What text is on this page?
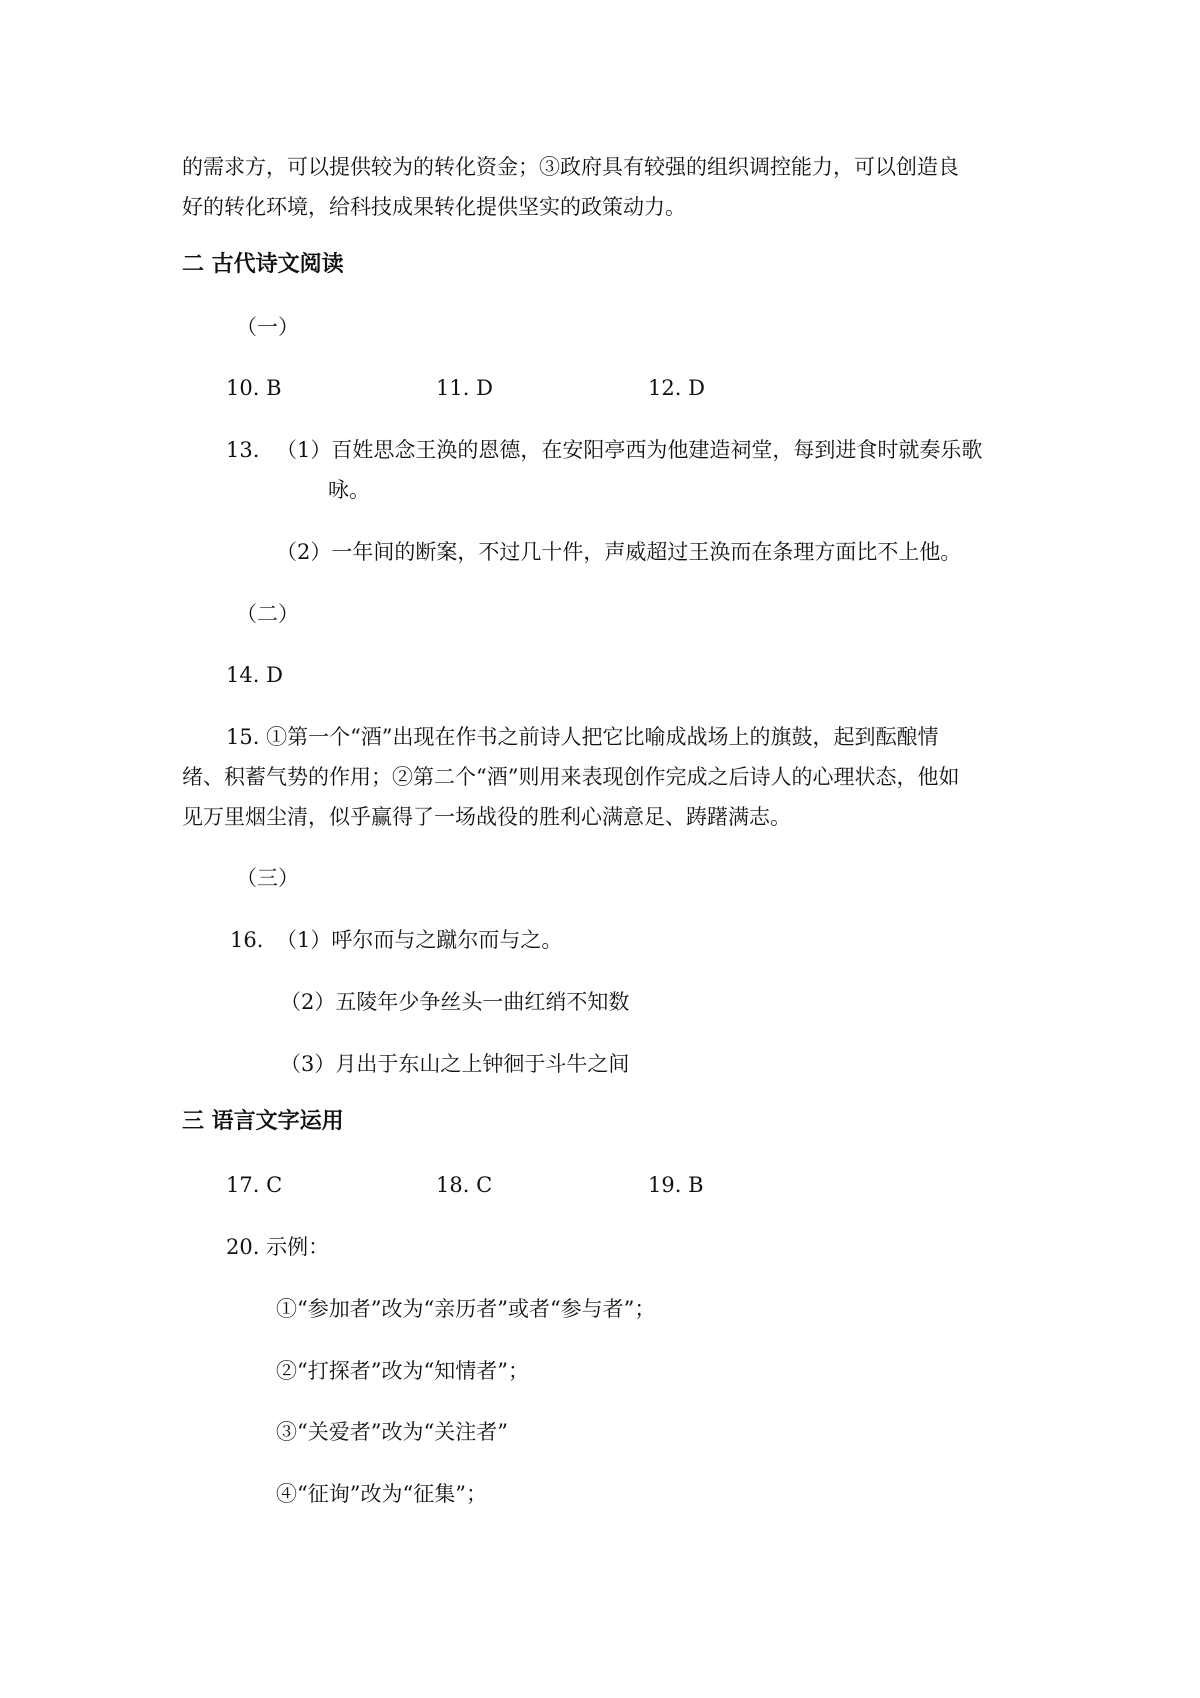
的需求方，可以提供较为的转化资金；③政府具有较强的组织调控能力，可以创造良
好的转化环境，给科技成果转化提供坚实的政策动力。
二 古代诗文阅读
（一）
10. B	11. D	12. D
13. （1）百姓思念王涣的恩德，在安阳亭西为他建造祠堂，每到进食时就奏乐歌
咏。
（2）一年间的断案，不过几十件，声威超过王涣而在条理方面比不上他。
（二）
14. D
15. ①第一个“酒”出现在作书之前诗人把它比喻成战场上的旗鼓，起到酝酿情
绪、积蓄气势的作用；②第二个“酒”则用来表现创作完成之后诗人的心理状态，他如
见万里烟尘清，似乎赢得了一场战役的胜利心满意足、踌躇满志。
（三）
16. （1）呼尔而与之蹴尔而与之。
（2）五陵年少争丝头一曲红绡不知数
（3）月出于东山之上钟徊于斗牛之间
三 语言文字运用
17. C	18. C	19. B
20. 示例：
①“参加者”改为“亲历者”或者“参与者”；
②“打探者”改为“知情者”；
③“关爱者”改为“关注者”
④“征询”改为“征集”；
